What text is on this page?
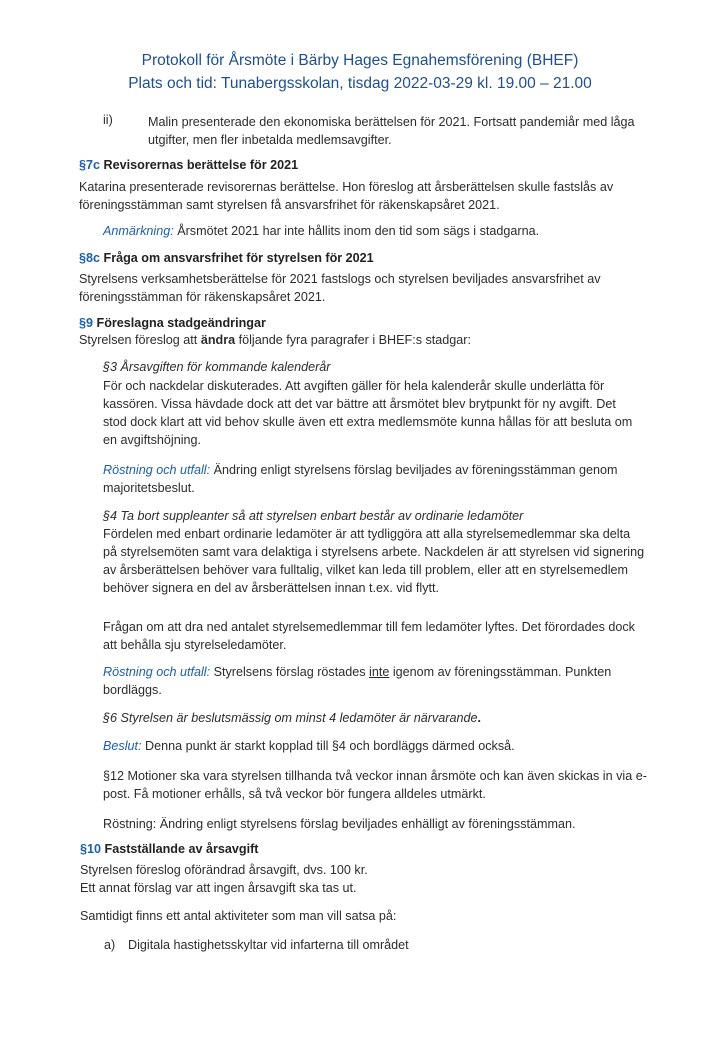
Protokoll för Årsmöte i Bärby Hages Egnahemsförening (BHEF)
Plats och tid: Tunabergsskolan, tisdag 2022-03-29 kl. 19.00 – 21.00
ii)	Malin presenterade den ekonomiska berättelsen för 2021. Fortsatt pandemiår med låga
utgifter, men fler inbetalda medlemsavgifter.
§7c Revisorernas berättelse för 2021
Katarina presenterade revisorernas berättelse. Hon föreslog att årsberättelsen skulle fastslås av
föreningsstämman samt styrelsen få ansvarsfrihet för räkenskapsåret 2021.
Anmärkning: Årsmötet 2021 har inte hållits inom den tid som sägs i stadgarna.
§8c Fråga om ansvarsfrihet för styrelsen för 2021
Styrelsens verksamhetsberättelse för 2021 fastslogs och styrelsen beviljades ansvarsfrihet av
föreningsstämman för räkenskapsåret 2021.
§9 Föreslagna stadgeändringar
Styrelsen föreslog att ändra följande fyra paragrafer i BHEF:s stadgar:
§3 Årsavgiften för kommande kalenderår
För och nackdelar diskuterades. Att avgiften gäller för hela kalenderår skulle underlätta för
kassören. Vissa hävdade dock att det var bättre att årsmötet blev brytpunkt för ny avgift. Det
stod dock klart att vid behov skulle även ett extra medlemsmöte kunna hållas för att besluta om
en avgiftshöjning.
Röstning och utfall: Ändring enligt styrelsens förslag beviljades av föreningsstämman genom
majoritetsbeslut.
§4 Ta bort suppleanter så att styrelsen enbart består av ordinarie ledamöter
Fördelen med enbart ordinarie ledamöter är att tydliggöra att alla styrelsemedlemmar ska delta
på styrelsemöten samt vara delaktiga i styrelsens arbete. Nackdelen är att styrelsen vid signering
av årsberättelsen behöver vara fulltalig, vilket kan leda till problem, eller att en styrelsemedlem
behöver signera en del av årsberättelsen innan t.ex. vid flytt.
Frågan om att dra ned antalet styrelsemedlemmar till fem ledamöter lyftes. Det förordades dock
att behålla sju styrelseledamöter.
Röstning och utfall: Styrelsens förslag röstades inte igenom av föreningsstämman. Punkten
bordläggs.
§6 Styrelsen är beslutsmässig om minst 4 ledamöter är närvarande.
Beslut: Denna punkt är starkt kopplad till §4 och bordläggs därmed också.
§12 Motioner ska vara styrelsen tillhanda två veckor innan årsmöte och kan även skickas in via e-
post. Få motioner erhålls, så två veckor bör fungera alldeles utmärkt.
Röstning: Ändring enligt styrelsens förslag beviljades enhälligt av föreningsstämman.
§10 Fastställande av årsavgift
Styrelsen föreslog oförändrad årsavgift, dvs. 100 kr.
Ett annat förslag var att ingen årsavgift ska tas ut.
Samtidigt finns ett antal aktiviteter som man vill satsa på:
a) Digitala hastighetsskyltar vid infarterna till området
